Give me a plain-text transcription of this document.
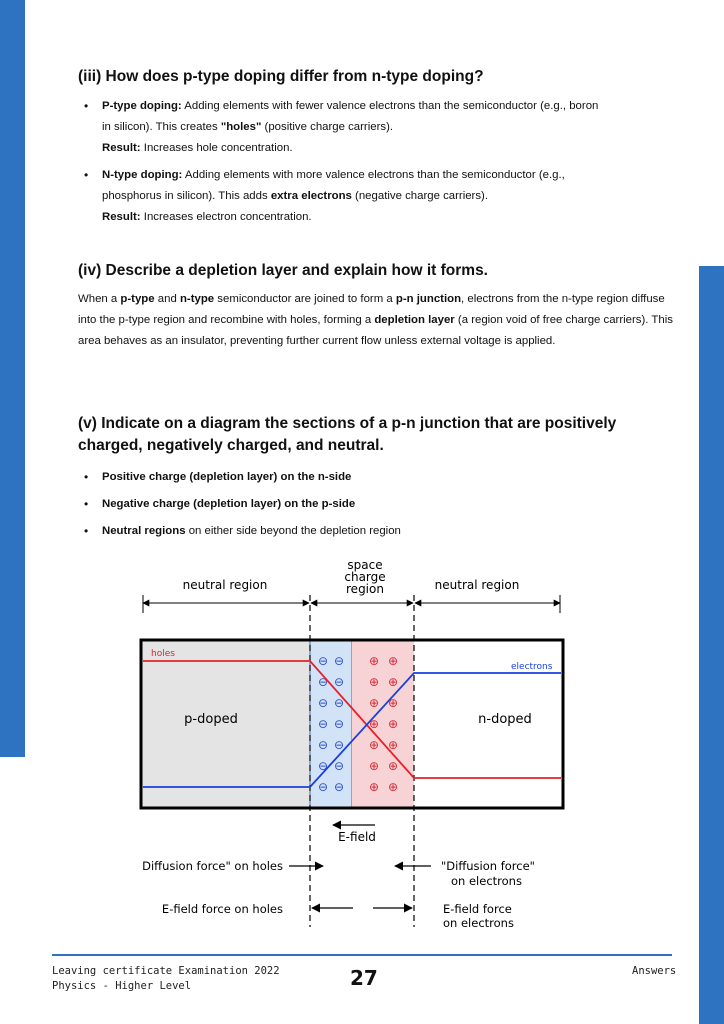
(iii) How does p-type doping differ from n-type doping?
• P-type doping: Adding elements with fewer valence electrons than the semiconductor (e.g., boron
in silicon). This creates "holes" (positive charge carriers).
Result: Increases hole concentration.
• N-type doping: Adding elements with more valence electrons than the semiconductor (e.g.,
phosphorus in silicon). This adds extra electrons (negative charge carriers).
Result: Increases electron concentration.
(iv) Describe a depletion layer and explain how it forms.

When a p-type and n-type semiconductor are joined to form a p-n junction, electrons from the n-type region diffuse into the p-type region and recombine with holes, forming a depletion layer (a region void of free charge carriers). This area behaves as an insulator, preventing further current flow unless external voltage is applied.

(v) Indicate on a diagram the sections of a p-n junction that are positively
charged, negatively charged, and neutral.
• Positive charge (depletion layer) on the n-side
• Negative charge (depletion layer) on the p-side
• Neutral regions on either side beyond the depletion region
neutral region
space
charge
region	neutral region
⊖ ⊖ ⊕ ⊕
⊖ ⊖ ⊕ ⊕
⊖ ⊖ ⊕ ⊕
⊖ ⊖ ⊕ ⊕
⊖ ⊖ ⊕ ⊕
⊖ ⊖ ⊕ ⊕
⊖ ⊖ ⊕ ⊕
holes
electrons
p-doped	n-doped
E-field
Diffusion force" on holes	"Diffusion force"
on electrons
E-field force on holes	E-field force
on electrons
Leaving certificate Examination 2022
Physics - Higher Level	27	Answers
